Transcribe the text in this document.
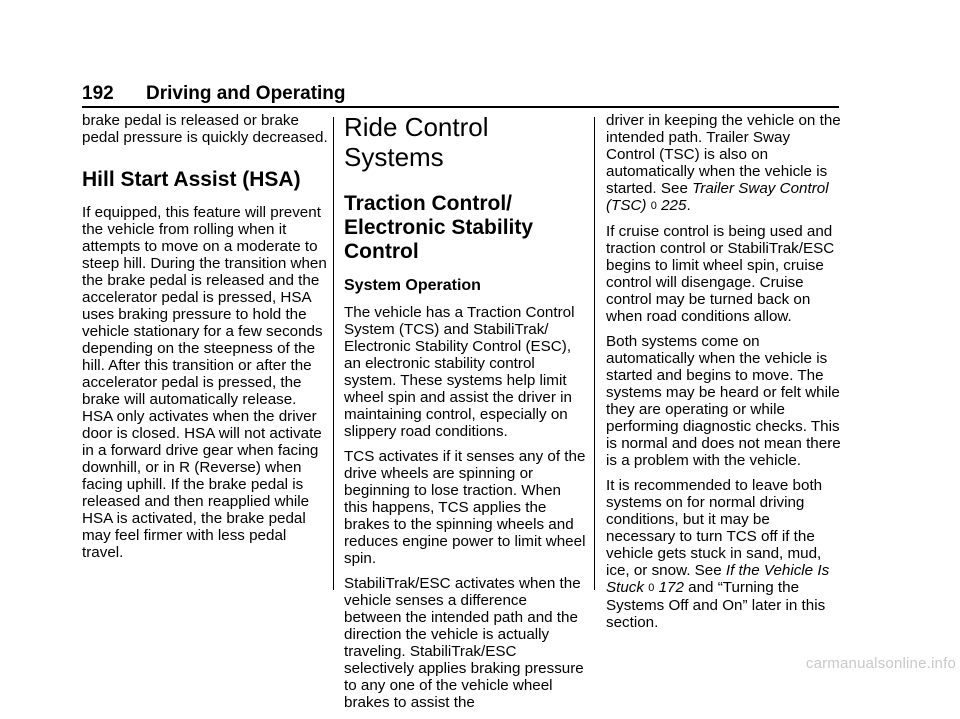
192 Driving and Operating

brake pedal is released or brake pedal pressure is quickly decreased.

Hill Start Assist (HSA)

If equipped, this feature will prevent the vehicle from rolling when it attempts to move on a moderate to steep hill. During the transition when the brake pedal is released and the accelerator pedal is pressed, HSA uses braking pressure to hold the vehicle stationary for a few seconds depending on the steepness of the hill. After this transition or after the accelerator pedal is pressed, the brake will automatically release. HSA only activates when the driver door is closed. HSA will not activate in a forward drive gear when facing downhill, or in R (Reverse) when facing uphill. If the brake pedal is released and then reapplied while HSA is activated, the brake pedal may feel firmer with less pedal travel.

Ride Control Systems
Traction Control/ Electronic Stability Control
System Operation

The vehicle has a Traction Control System (TCS) and StabiliTrak/ Electronic Stability Control (ESC), an electronic stability control system. These systems help limit wheel spin and assist the driver in maintaining control, especially on slippery road conditions.

TCS activates if it senses any of the drive wheels are spinning or beginning to lose traction. When this happens, TCS applies the brakes to the spinning wheels and reduces engine power to limit wheel spin.

StabiliTrak/ESC activates when the vehicle senses a difference between the intended path and the direction the vehicle is actually traveling. StabiliTrak/ESC selectively applies braking pressure to any one of the vehicle wheel brakes to assist the

driver in keeping the vehicle on the intended path. Trailer Sway Control (TSC) is also on automatically when the vehicle is started. See Trailer Sway Control (TSC) 0 225.

If cruise control is being used and traction control or StabiliTrak/ESC begins to limit wheel spin, cruise control will disengage. Cruise control may be turned back on when road conditions allow.

Both systems come on automatically when the vehicle is started and begins to move. The systems may be heard or felt while they are operating or while performing diagnostic checks. This is normal and does not mean there is a problem with the vehicle.

It is recommended to leave both systems on for normal driving conditions, but it may be necessary to turn TCS off if the vehicle gets stuck in sand, mud, ice, or snow. See If the Vehicle Is Stuck 0 172 and “Turning the Systems Off and On” later in this section.

carmanualsonline.info
